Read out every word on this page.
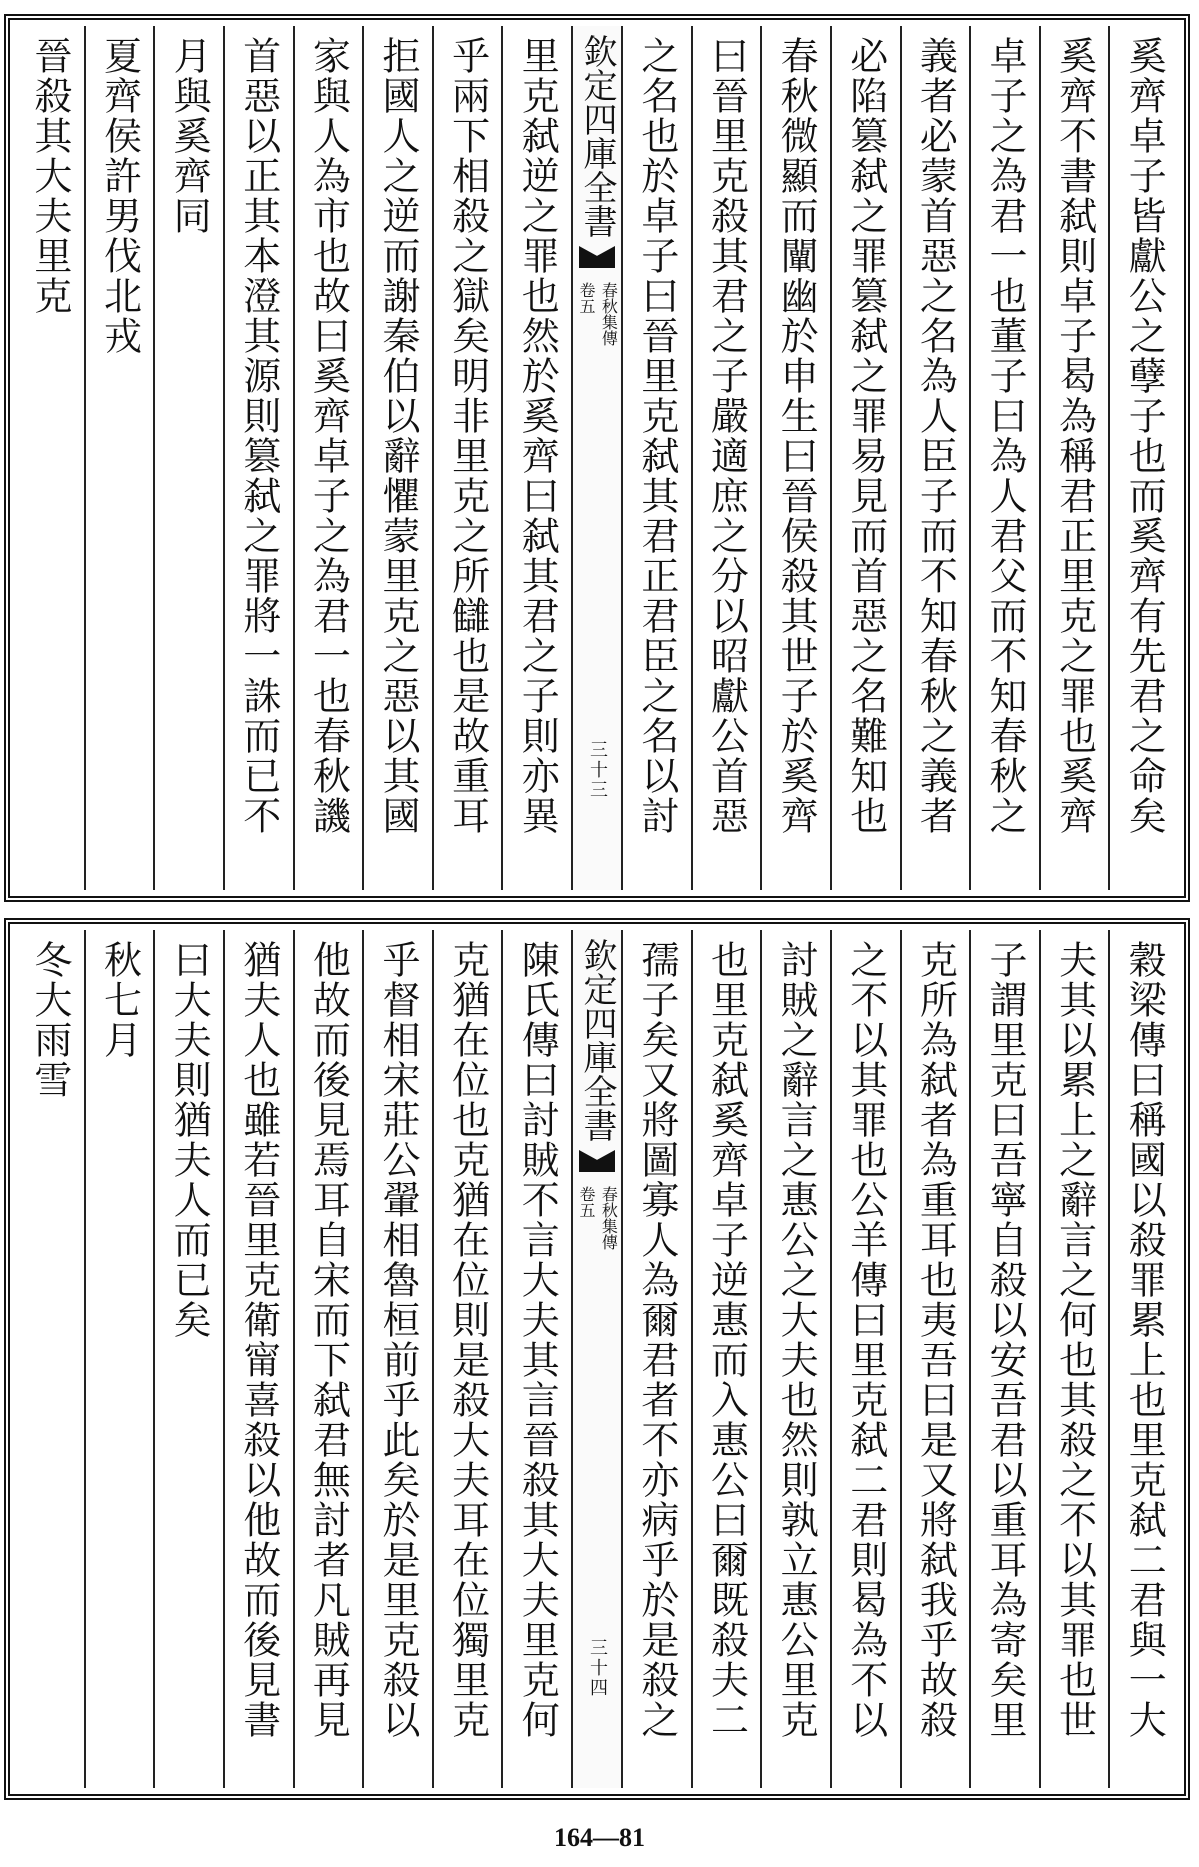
奚齊卓子皆獻公之孽子也而奚齊有先君之命矣
奚齊不書弑則卓子曷為稱君正里克之罪也奚齊
卓子之為君一也董子曰為人君父而不知春秋之
義者必蒙首惡之名為人臣子而不知春秋之義者
必陷篡弑之罪篡弑之罪易見而首惡之名難知也
春秋微顯而闡幽於申生曰晉侯殺其世子於奚齊
曰晉里克殺其君之子嚴適庶之分以昭獻公首惡
之名也於卓子曰晉里克弑其君正君臣之名以討
欽定四庫全書
春秋集傳
卷五
三十三
里克弑逆之罪也然於奚齊曰弑其君之子則亦異
乎兩下相殺之獄矣明非里克之所讎也是故重耳
拒國人之逆而謝秦伯以辭懼蒙里克之惡以其國
家與人為市也故曰奚齊卓子之為君一也春秋譏
首惡以正其本澄其源則篡弑之罪將一誅而已不
月與奚齊同
夏齊侯許男伐北戎
晉殺其大夫里克
穀梁傳曰稱國以殺罪累上也里克弑二君與一大
夫其以累上之辭言之何也其殺之不以其罪也世
子謂里克曰吾寧自殺以安吾君以重耳為寄矣里
克所為弑者為重耳也夷吾曰是又將弑我乎故殺
之不以其罪也公羊傳曰里克弑二君則曷為不以
討賊之辭言之惠公之大夫也然則孰立惠公里克
也里克弑奚齊卓子逆惠而入惠公曰爾既殺夫二
孺子矣又將圖寡人為爾君者不亦病乎於是殺之
欽定四庫全書
春秋集傳
卷五
三十四
陳氏傳曰討賊不言大夫其言晉殺其大夫里克何
克猶在位也克猶在位則是殺大夫耳在位獨里克
乎督相宋莊公翬相魯桓前乎此矣於是里克殺以
他故而後見焉耳自宋而下弑君無討者凡賊再見
猶夫人也雖若晉里克衛甯喜殺以他故而後見書
曰大夫則猶夫人而已矣
秋七月
冬大雨雪
164—81
